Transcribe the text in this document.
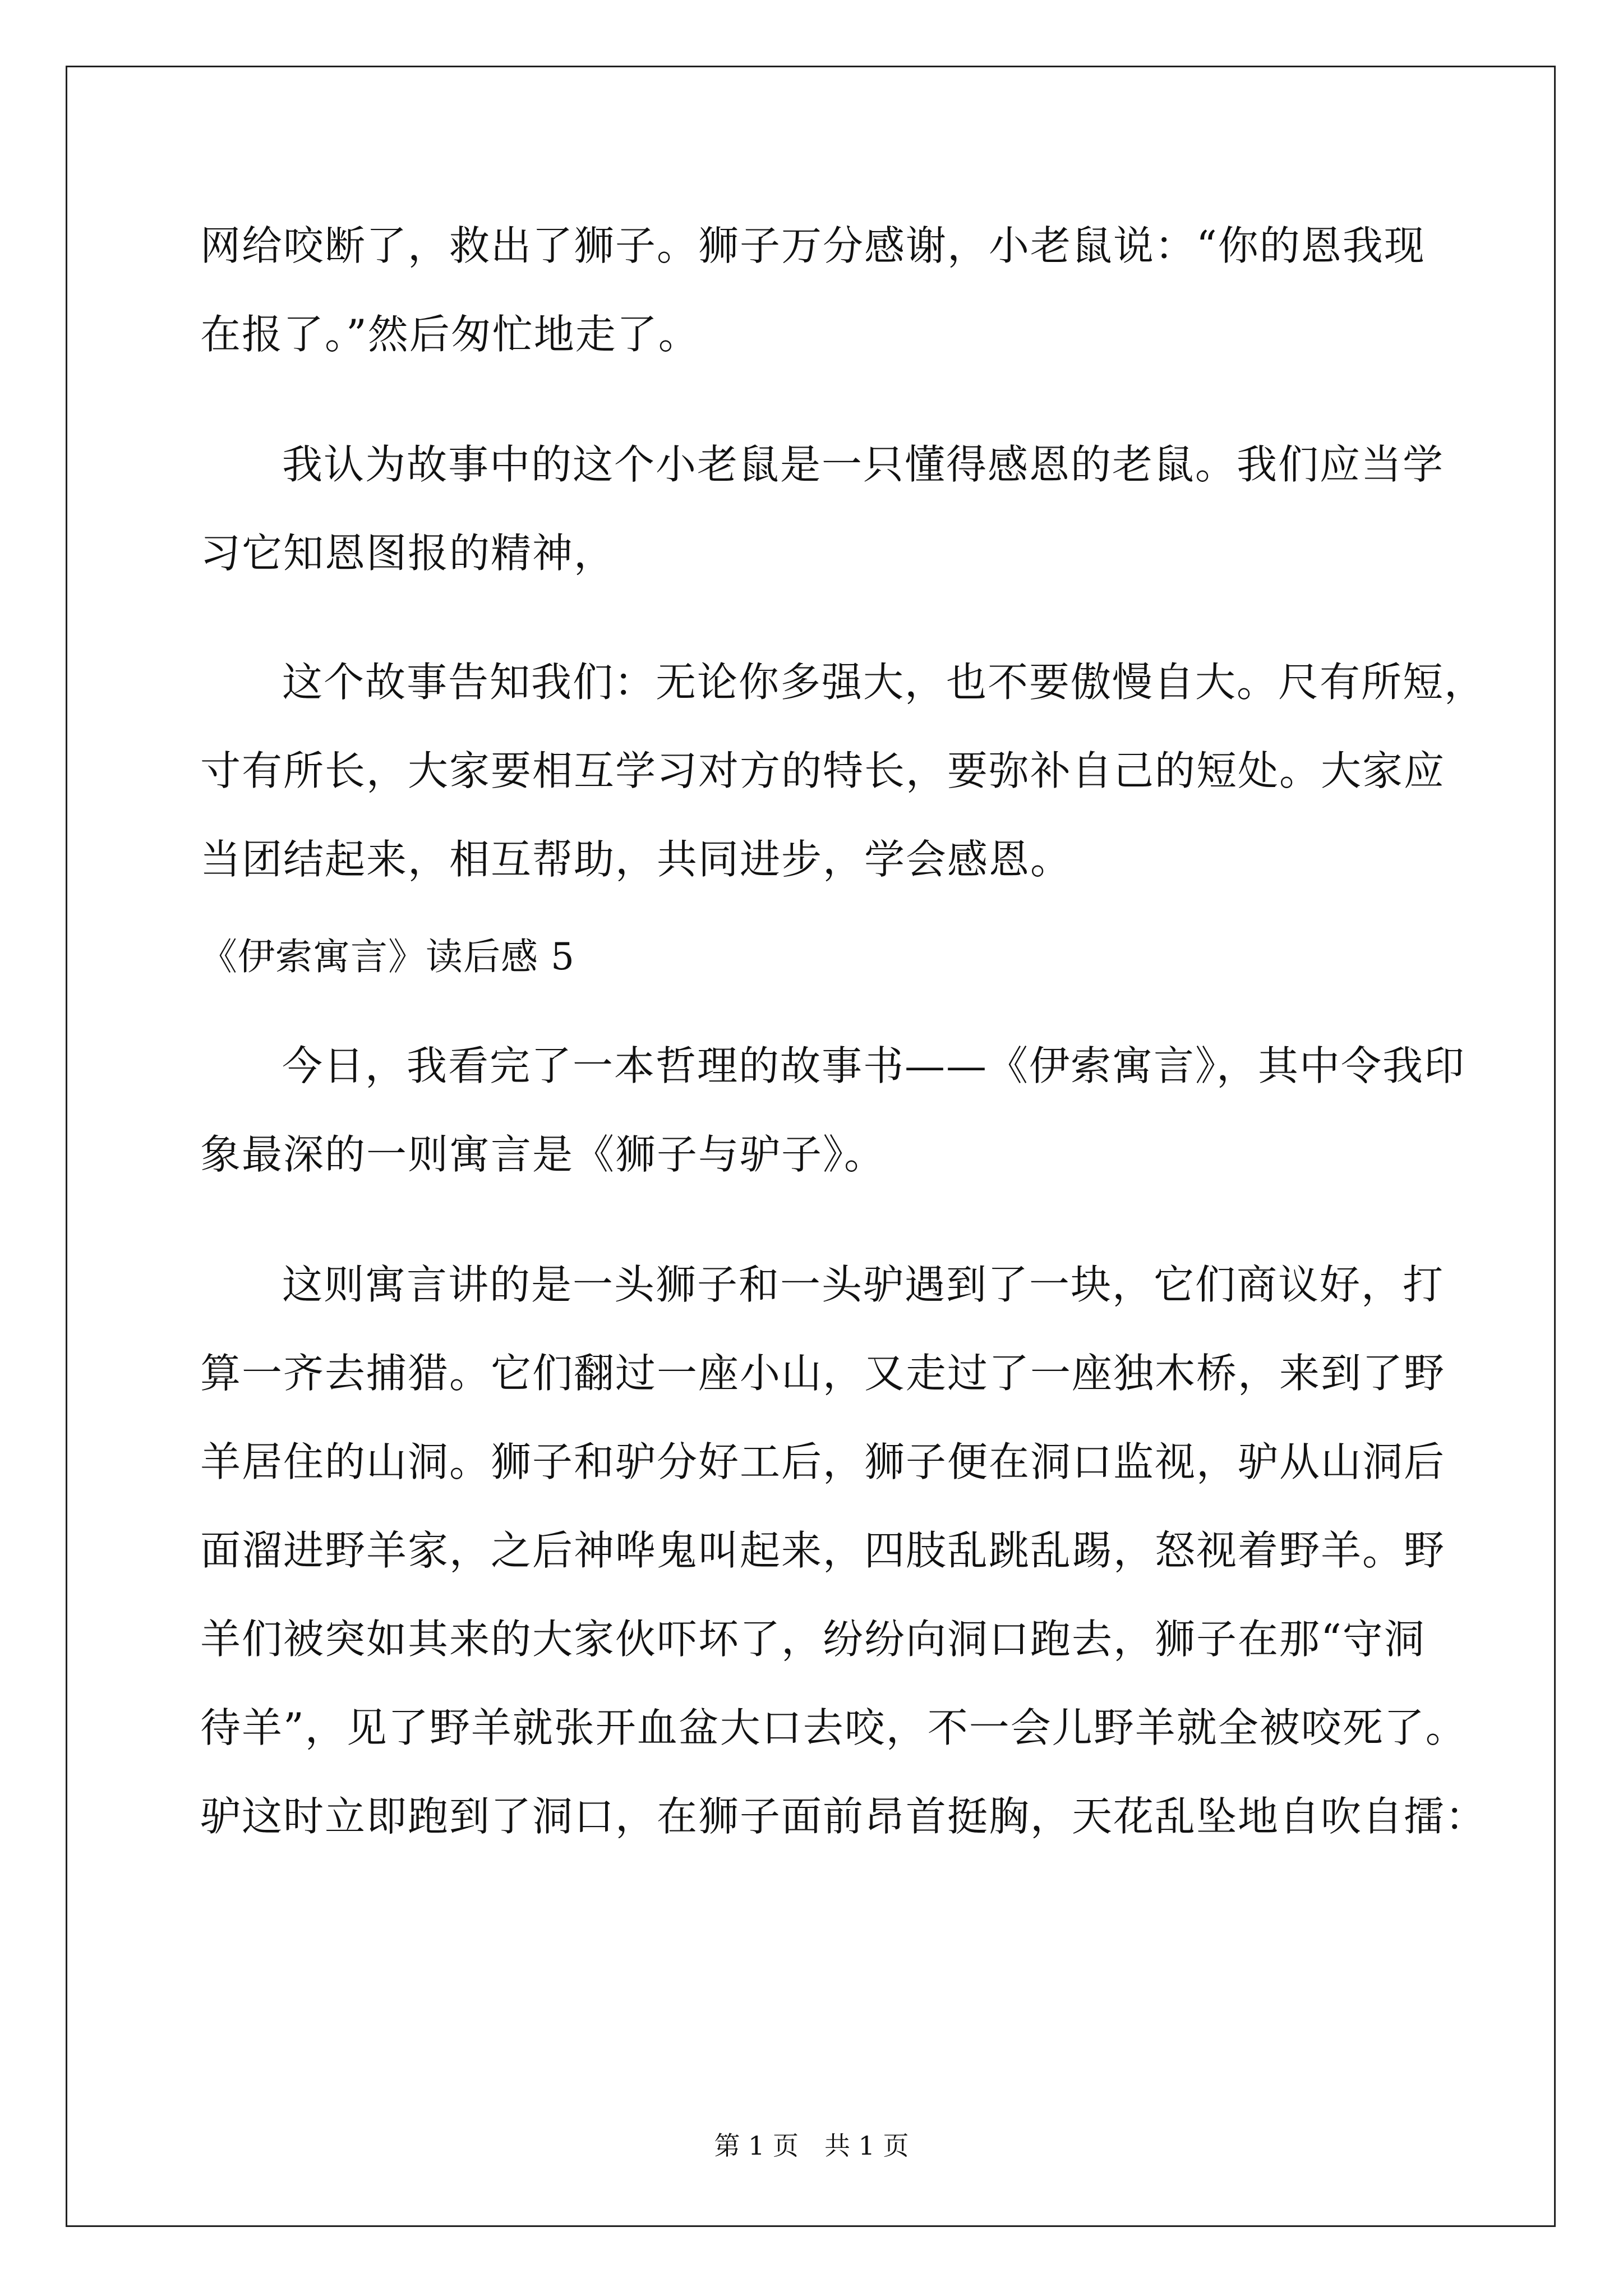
网给咬断了，救出了狮子。狮子万分感谢，小老鼠说：“你的恩我现
在报了。”然后匆忙地走了。
我认为故事中的这个小老鼠是一只懂得感恩的老鼠。我们应当学
习它知恩图报的精神，
这个故事告知我们：无论你多强大，也不要傲慢自大。尺有所短，
寸有所长，大家要相互学习对方的特长，要弥补自己的短处。大家应
当团结起来，相互帮助，共同进步，学会感恩。
《伊索寓言》读后感 5
今日，我看完了一本哲理的故事书——《伊索寓言》，其中令我印
象最深的一则寓言是《狮子与驴子》。
这则寓言讲的是一头狮子和一头驴遇到了一块，它们商议好，打
算一齐去捕猎。它们翻过一座小山，又走过了一座独木桥，来到了野
羊居住的山洞。狮子和驴分好工后，狮子便在洞口监视，驴从山洞后
面溜进野羊家，之后神哗鬼叫起来，四肢乱跳乱踢，怒视着野羊。野
羊们被突如其来的大家伙吓坏了，纷纷向洞口跑去，狮子在那“守洞
待羊”，见了野羊就张开血盆大口去咬，不一会儿野羊就全被咬死了。
驴这时立即跑到了洞口，在狮子面前昂首挺胸，天花乱坠地自吹自擂：
第 1 页　共 1 页
